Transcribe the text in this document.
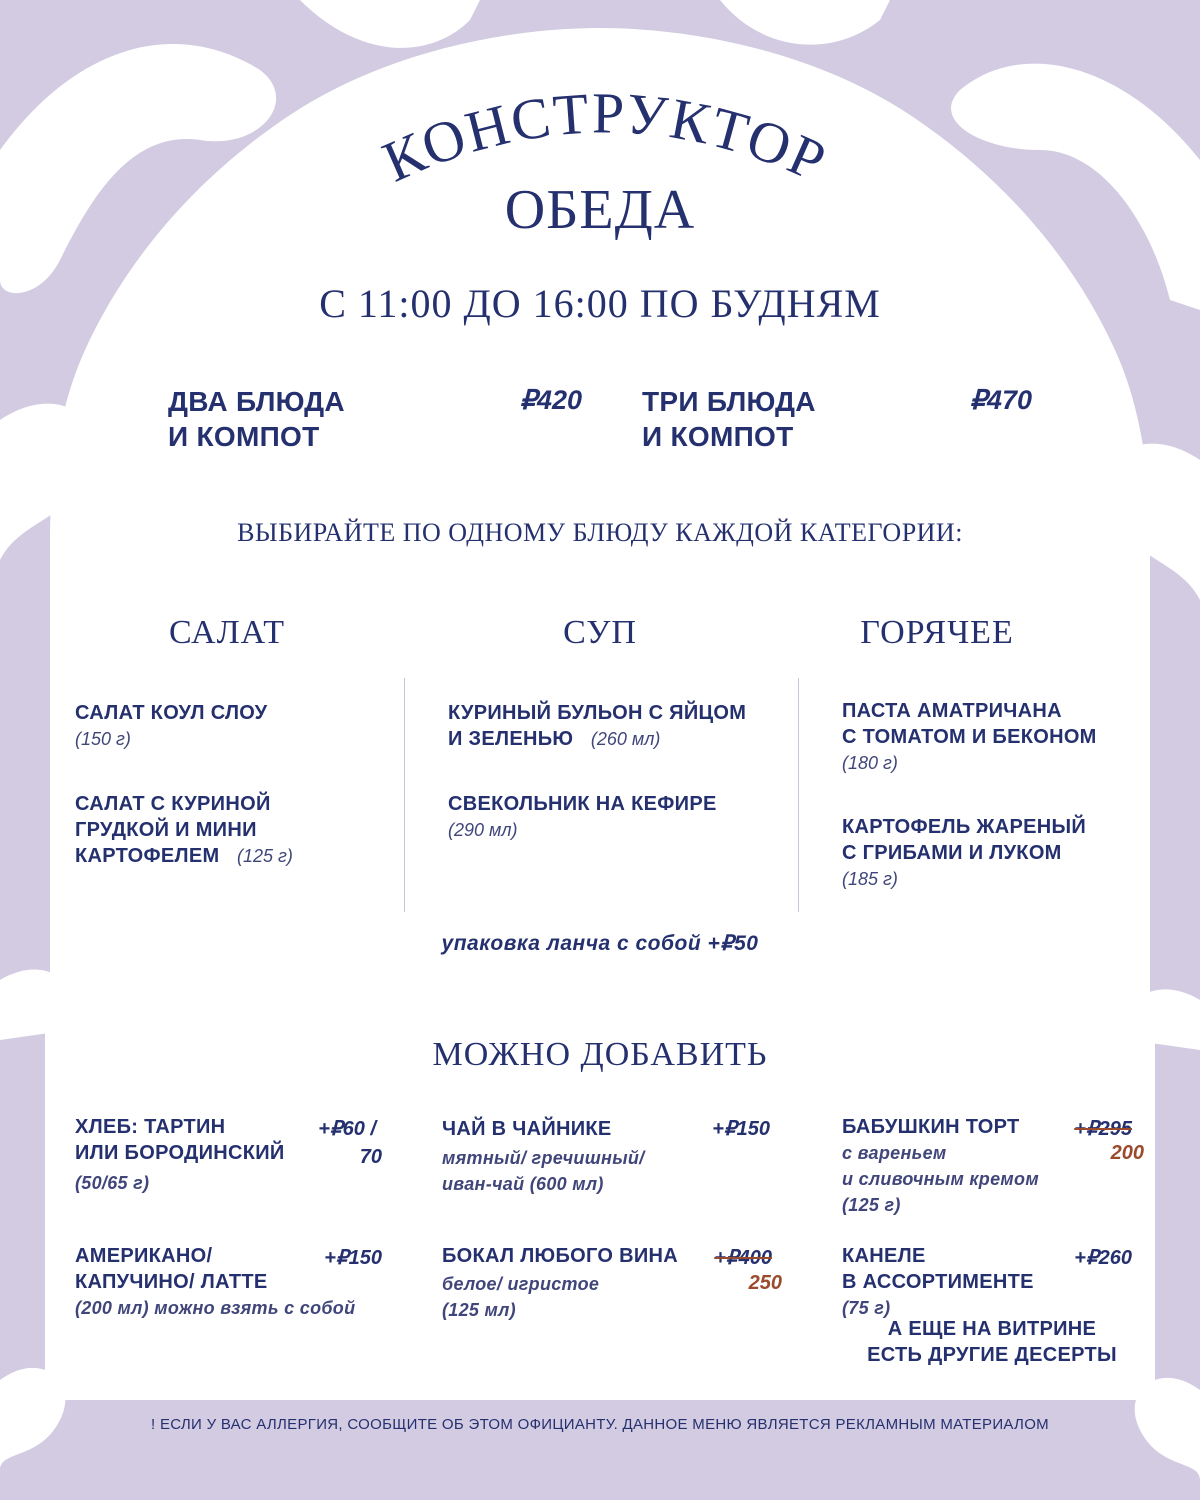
КОНСТРУКТОР
ОБЕДА
С 11:00 ДО 16:00 ПО БУДНЯМ
ДВА БЛЮДА
И КОМПОТ
₽420 ТРИ БЛЮДА
И КОМПОТ
₽470
ВЫБИРАЙТЕ ПО ОДНОМУ БЛЮДУ КАЖДОЙ КАТЕГОРИИ:
САЛАТ	СУП	ГОРЯЧЕЕ
САЛАТ КОУЛ СЛОУ
(150 г)
САЛАТ С КУРИНОЙ
ГРУДКОЙ И МИНИ
КАРТОФЕЛЕМ (125 г)
КУРИНЫЙ БУЛЬОН С ЯЙЦОМ
И ЗЕЛЕНЬЮ (260 мл)
СВЕКОЛЬНИК НА КЕФИРЕ
(290 мл)
ПАСТА АМАТРИЧАНА
С ТОМАТОМ И БЕКОНОМ
(180 г)
КАРТОФЕЛЬ ЖАРЕНЫЙ
С ГРИБАМИ И ЛУКОМ
(185 г)
упаковка ланча с собой +₽50
МОЖНО ДОБАВИТЬ
ХЛЕБ: ТАРТИН
ИЛИ БОРОДИНСКИЙ
(50/65 г)
+₽60 /
70
АМЕРИКАНО/
КАПУЧИНО/ ЛАТТЕ
(200 мл) можно взять с собой
+₽150
ЧАЙ В ЧАЙНИКЕ
мятный/ гречишный/
иван-чай (600 мл)
+₽150
БОКАЛ ЛЮБОГО ВИНА
белое/ игристое
(125 мл)
+₽400
250
БАБУШКИН ТОРТ
с вареньем
и сливочным кремом
(125 г)
+₽295
200
КАНЕЛЕ
В АССОРТИМЕНТЕ
(75 г)
+₽260
А ЕЩЕ НА ВИТРИНЕ
ЕСТЬ ДРУГИЕ ДЕСЕРТЫ
! ЕСЛИ У ВАС АЛЛЕРГИЯ, СООБЩИТЕ ОБ ЭТОМ ОФИЦИАНТУ. ДАННОЕ МЕНЮ ЯВЛЯЕТСЯ РЕКЛАМНЫМ МАТЕРИАЛОМ
